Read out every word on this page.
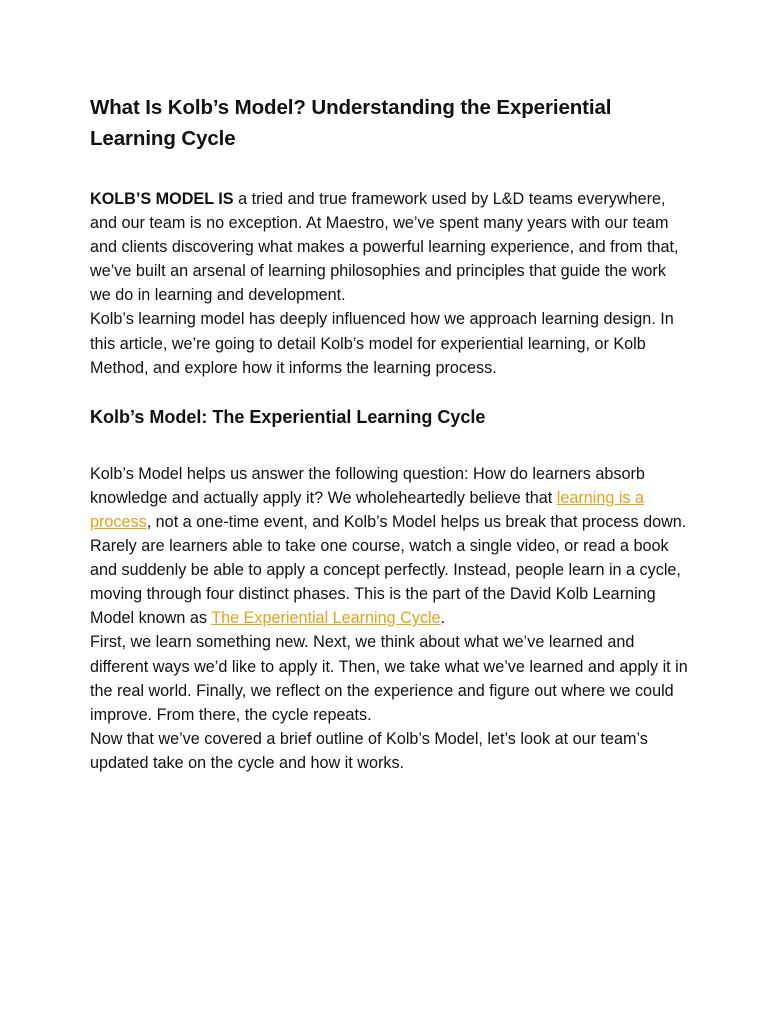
What Is Kolb’s Model? Understanding the Experiential Learning Cycle

KOLB’S MODEL IS a tried and true framework used by L&D teams everywhere, and our team is no exception. At Maestro, we’ve spent many years with our team and clients discovering what makes a powerful learning experience, and from that, we’ve built an arsenal of learning philosophies and principles that guide the work we do in learning and development.

Kolb’s learning model has deeply influenced how we approach learning design. In this article, we’re going to detail Kolb’s model for experiential learning, or Kolb Method, and explore how it informs the learning process.

Kolb’s Model: The Experiential Learning Cycle

Kolb’s Model helps us answer the following question: How do learners absorb knowledge and actually apply it? We wholeheartedly believe that learning is a process, not a one-time event, and Kolb’s Model helps us break that process down.

Rarely are learners able to take one course, watch a single video, or read a book and suddenly be able to apply a concept perfectly. Instead, people learn in a cycle, moving through four distinct phases. This is the part of the David Kolb Learning Model known as The Experiential Learning Cycle.

First, we learn something new. Next, we think about what we’ve learned and different ways we’d like to apply it. Then, we take what we’ve learned and apply it in the real world. Finally, we reflect on the experience and figure out where we could improve. From there, the cycle repeats.

Now that we’ve covered a brief outline of Kolb’s Model, let’s look at our team’s updated take on the cycle and how it works.
